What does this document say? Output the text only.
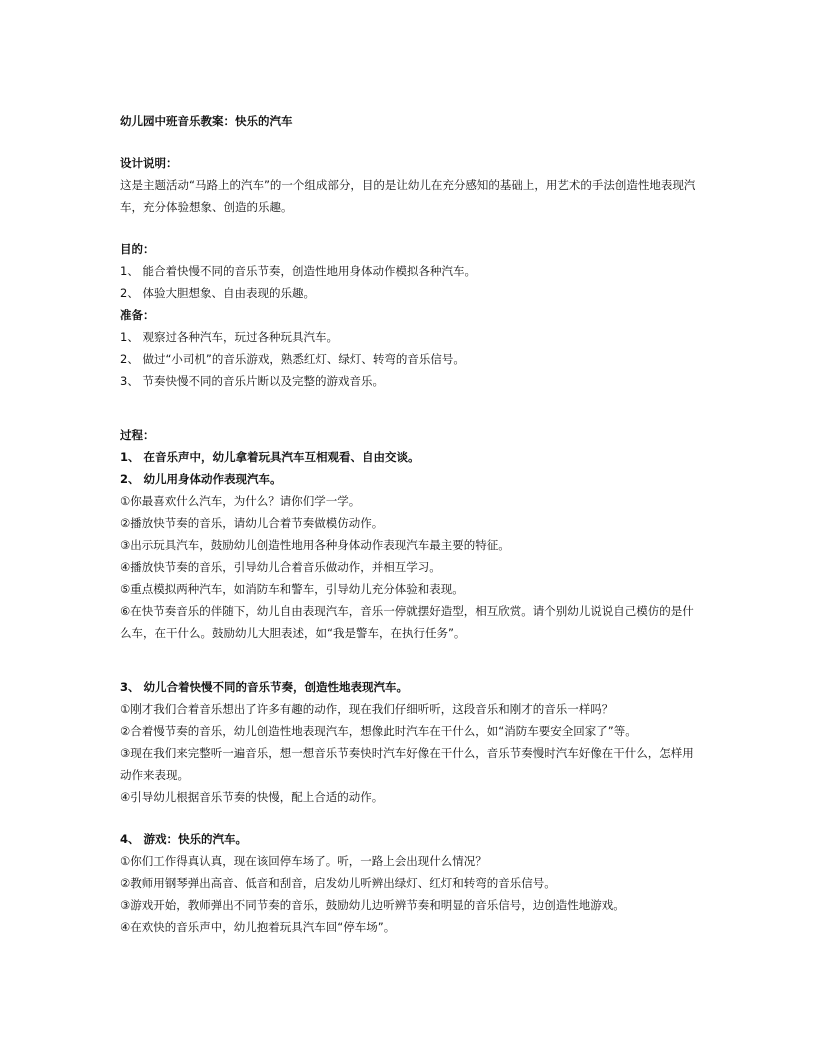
幼儿园中班音乐教案：快乐的汽车
设计说明：
这是主题活动“马路上的汽车”的一个组成部分，目的是让幼儿在充分感知的基础上，用艺术的手法创造性地表现汽车，充分体验想象、创造的乐趣。
目的：
1、 能合着快慢不同的音乐节奏，创造性地用身体动作模拟各种汽车。
2、 体验大胆想象、自由表现的乐趣。
准备：
1、 观察过各种汽车，玩过各种玩具汽车。
2、 做过“小司机”的音乐游戏，熟悉红灯、绿灯、转弯的音乐信号。
3、 节奏快慢不同的音乐片断以及完整的游戏音乐。
过程：
1、 在音乐声中，幼儿拿着玩具汽车互相观看、自由交谈。
2、 幼儿用身体动作表现汽车。
①你最喜欢什么汽车，为什么？请你们学一学。
②播放快节奏的音乐，请幼儿合着节奏做模仿动作。
③出示玩具汽车，鼓励幼儿创造性地用各种身体动作表现汽车最主要的特征。
④播放快节奏的音乐，引导幼儿合着音乐做动作，并相互学习。
⑤重点模拟两种汽车，如消防车和警车，引导幼儿充分体验和表现。
⑥在快节奏音乐的伴随下，幼儿自由表现汽车，音乐一停就摆好造型，相互欣赏。请个别幼儿说说自己模仿的是什么车，在干什么。鼓励幼儿大胆表述，如“我是警车，在执行任务”。
3、 幼儿合着快慢不同的音乐节奏，创造性地表现汽车。
①刚才我们合着音乐想出了许多有趣的动作，现在我们仔细听听，这段音乐和刚才的音乐一样吗？
②合着慢节奏的音乐，幼儿创造性地表现汽车，想像此时汽车在干什么，如“消防车要安全回家了”等。
③现在我们来完整听一遍音乐，想一想音乐节奏快时汽车好像在干什么，音乐节奏慢时汽车好像在干什么，怎样用动作来表现。
④引导幼儿根据音乐节奏的快慢，配上合适的动作。
4、 游戏：快乐的汽车。
①你们工作得真认真，现在该回停车场了。听，一路上会出现什么情况？
②教师用钢琴弹出高音、低音和刮音，启发幼儿听辨出绿灯、红灯和转弯的音乐信号。
③游戏开始，教师弹出不同节奏的音乐，鼓励幼儿边听辨节奏和明显的音乐信号，边创造性地游戏。
④在欢快的音乐声中，幼儿抱着玩具汽车回“停车场”。
